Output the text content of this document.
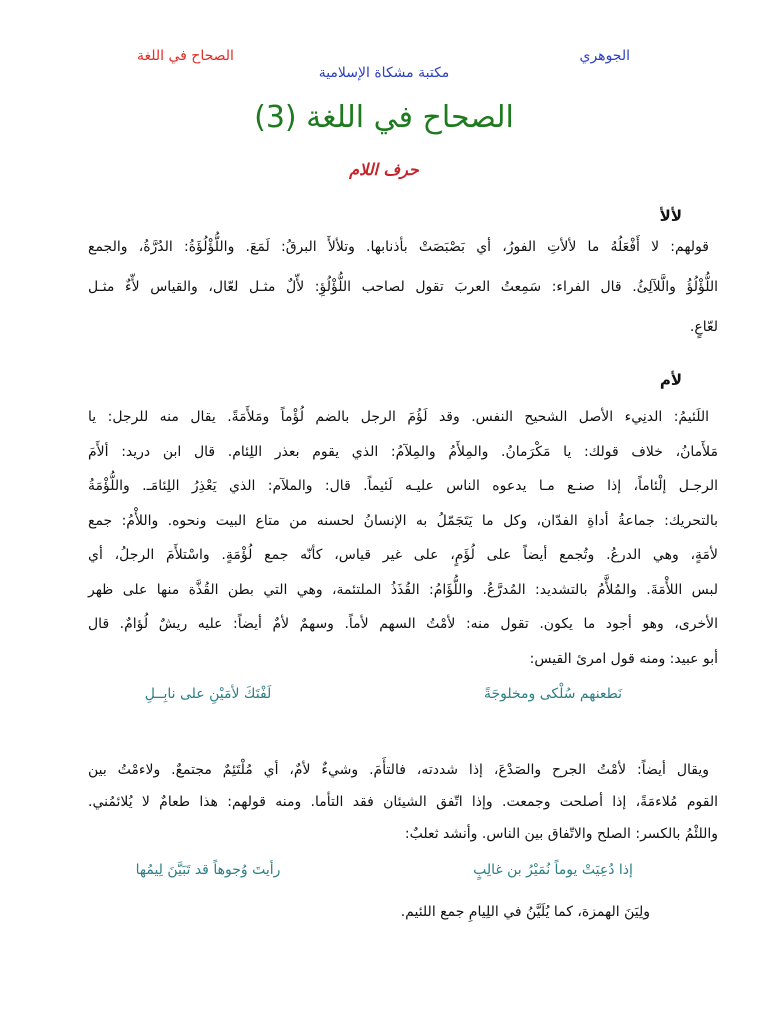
الجوهري
الصحاح في اللغة
مكتبة مشكاة الإسلامية
الصحاح في اللغة (3)
حرف اللام
لألأ
قولهم: لا أَفْعَلُهُ ما لألأتِ الفورُ، أي بَصْبَصَتْ بأذنابها. وتلألأَ البرقُ: لَمَعَ. واللُّؤْلُؤَةُ: الدُرَّةُ، والجمع
اللُّؤْلُؤُ والَّلآلِئُ. قال الفراء: سَمِعتُ العربَ تقول لصاحب اللُّؤْلُؤِ: لأّلٌ مثـل لعّال، والقياس لأّءٌ مثـل
لعّاعٍ.
لأم
اللَئيمُ: الدنِيء الأصل الشحيح النفس. وقد لَؤُمَ الرجل بالضم لُؤْماً ومَلأَمَةً. يقال منه للرجل: يا
مَلأَمانُ، خلاف قولك: يا مَكْرَمانُ. والمِلأَمُ والمِلآمُ: الذي يقوم بعذر اللِئام. قال ابن دريد: ألأَمَ
الرجـل إلْئاماً، إذا صنـع مـا يدعوه الناس عليـه لَئيماً. قال: والملآم: الذي يَعْذِرُ اللِئامَـ. واللُّؤْمَةُ
بالتحريك: جماعةُ أداةِ الفدّان، وكل ما يَتَجَمّلُ به الإنسانُ لحسنه من متاع البيت ونحوه. واللأْمُ: جمع
لأمَةٍ، وهي الدرعُ. وتُجمع أيضاً على لُؤَمٍ، على غير قياس، كأنّه جمع لُؤْمَةٍ. واسْتلأَمَ الرجلُ، أي
لبس اللأْمَةَ. والمُلأَّمُ بالتشديد: المُدرَّعُ. واللُّؤَامُ: القُذَذُ الملتئمة، وهي التي بطن القُذَّة منها على ظهر
الأخرى، وهو أجود ما يكون. تقول منه: لأمْتُ السهم لأماً. وسهمٌ لأمٌ أيضاً: عليه ريشٌ لُؤامٌ. قال
أبو عبيد: ومنه قول امرئ القيس:
نَطعنهم سُلْكى ومخلوجَةً
لَفْتَكَ لأمَيْنِ على نابِــلِ
ويقال أيضاً: لأمْتُ الجرح والصَدْعَ، إذا شددته، فالتأَمَ. وشيءٌ لأمٌ، أي مُلْتَئِمٌ مجتمعٌ. ولاءمْتُ بين
القوم مُلاءمَةً، إذا أصلحت وجمعت. وإذا اتّفق الشيئان فقد التأما. ومنه قولهم: هذا طعامٌ لا يُلائمُني.
واللئْمُ بالكسر: الصلح والاتّفاق بين الناس. وأنشد ثعلبٌ:
إذا دُعِيَتْ يوماً نُمَيْرُ بن غالِبٍ
رأيتَ وُجوهاً قد تَبَيَّنَ لِيمُها
ولِيَنَ الهمزة، كما يُلَيَّنُ في اللِيامِ جمع اللئيم.
